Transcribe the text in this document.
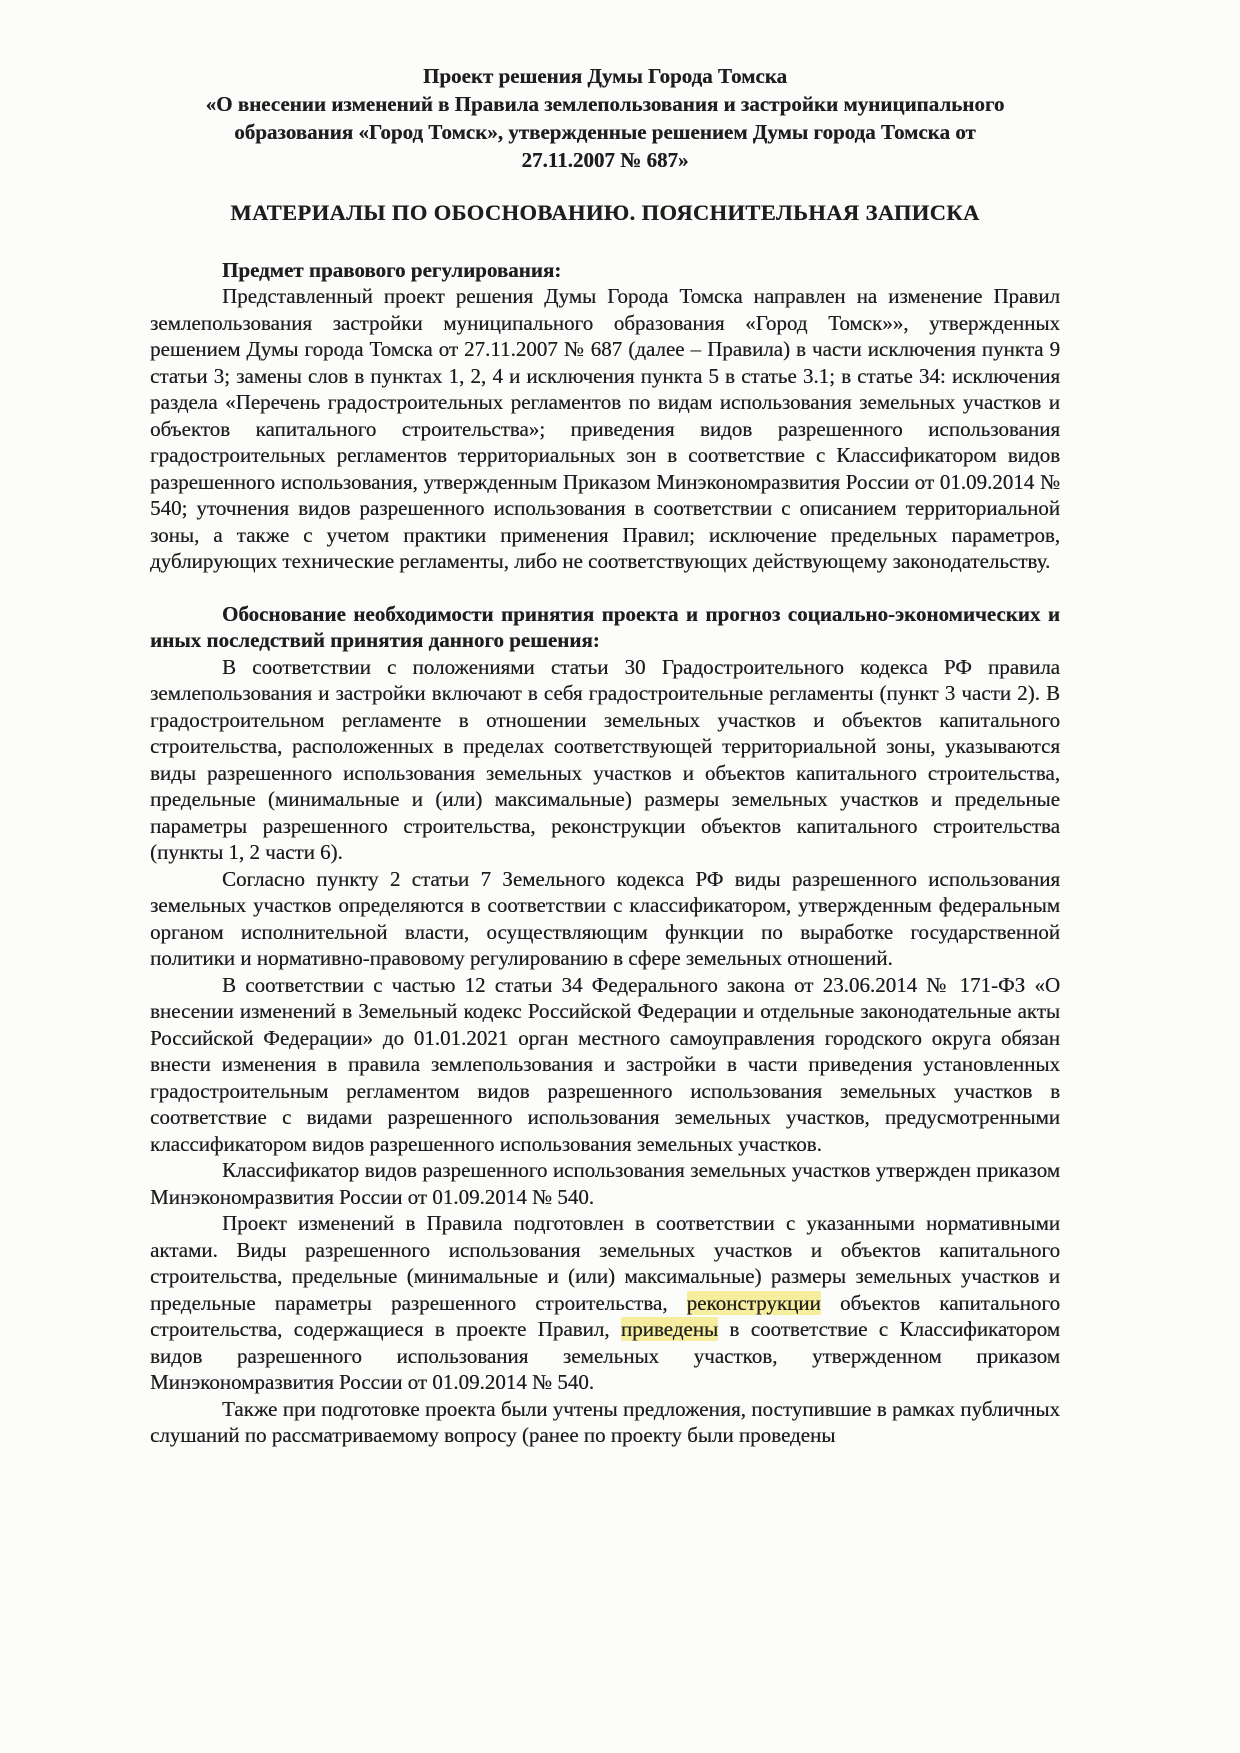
Проект решения Думы Города Томска
«О внесении изменений в Правила землепользования и застройки муниципального
образования «Город Томск», утвержденные решением Думы города Томска от
27.11.2007 № 687»
МАТЕРИАЛЫ ПО ОБОСНОВАНИЮ. ПОЯСНИТЕЛЬНАЯ ЗАПИСКА

Предмет правового регулирования:

Представленный проект решения Думы Города Томска направлен на изменение Правил землепользования застройки муниципального образования «Город Томск»», утвержденных решением Думы города Томска от 27.11.2007 № 687 (далее – Правила) в части исключения пункта 9 статьи 3; замены слов в пунктах 1, 2, 4 и исключения пункта 5 в статье 3.1; в статье 34: исключения раздела «Перечень градостроительных регламентов по видам использования земельных участков и объектов капитального строительства»; приведения видов разрешенного использования градостроительных регламентов территориальных зон в соответствие с Классификатором видов разрешенного использования, утвержденным Приказом Минэкономразвития России от 01.09.2014 № 540; уточнения видов разрешенного использования в соответствии с описанием территориальной зоны, а также с учетом практики применения Правил; исключение предельных параметров, дублирующих технические регламенты, либо не соответствующих действующему законодательству.

Обоснование необходимости принятия проекта и прогноз социально-экономических и иных последствий принятия данного решения:

В соответствии с положениями статьи 30 Градостроительного кодекса РФ правила землепользования и застройки включают в себя градостроительные регламенты (пункт 3 части 2). В градостроительном регламенте в отношении земельных участков и объектов капитального строительства, расположенных в пределах соответствующей территориальной зоны, указываются виды разрешенного использования земельных участков и объектов капитального строительства, предельные (минимальные и (или) максимальные) размеры земельных участков и предельные параметры разрешенного строительства, реконструкции объектов капитального строительства (пункты 1, 2 части 6).

Согласно пункту 2 статьи 7 Земельного кодекса РФ виды разрешенного использования земельных участков определяются в соответствии с классификатором, утвержденным федеральным органом исполнительной власти, осуществляющим функции по выработке государственной политики и нормативно-правовому регулированию в сфере земельных отношений.

В соответствии с частью 12 статьи 34 Федерального закона от 23.06.2014 № 171-ФЗ «О внесении изменений в Земельный кодекс Российской Федерации и отдельные законодательные акты Российской Федерации» до 01.01.2021 орган местного самоуправления городского округа обязан внести изменения в правила землепользования и застройки в части приведения установленных градостроительным регламентом видов разрешенного использования земельных участков в соответствие с видами разрешенного использования земельных участков, предусмотренными классификатором видов разрешенного использования земельных участков.

Классификатор видов разрешенного использования земельных участков утвержден приказом Минэкономразвития России от 01.09.2014 № 540.

Проект изменений в Правила подготовлен в соответствии с указанными нормативными актами. Виды разрешенного использования земельных участков и объектов капитального строительства, предельные (минимальные и (или) максимальные) размеры земельных участков и предельные параметры разрешенного строительства, реконструкции объектов капитального строительства, содержащиеся в проекте Правил, приведены в соответствие с Классификатором видов разрешенного использования земельных участков, утвержденном приказом Минэкономразвития России от 01.09.2014 № 540.

Также при подготовке проекта были учтены предложения, поступившие в рамках публичных слушаний по рассматриваемому вопросу (ранее по проекту были проведены
